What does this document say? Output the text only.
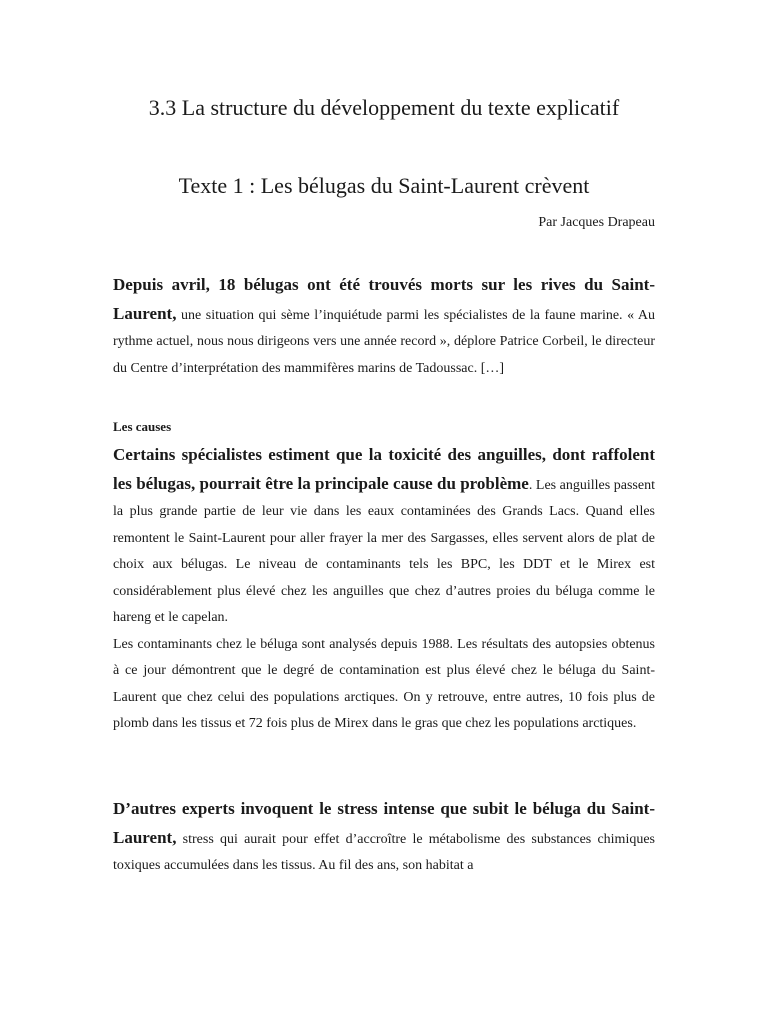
3.3 La structure du développement du texte explicatif
Texte 1 : Les bélugas du Saint-Laurent crèvent
Par Jacques Drapeau

Depuis avril, 18 bélugas ont été trouvés morts sur les rives du Saint-Laurent, une situation qui sème l’inquiétude parmi les spécialistes de la faune marine. « Au rythme actuel, nous nous dirigeons vers une année record », déplore Patrice Corbeil, le directeur du Centre d’interprétation des mammifères marins de Tadoussac. […]

Les causes

Certains spécialistes estiment que la toxicité des anguilles, dont raffolent les bélugas, pourrait être la principale cause du problème. Les anguilles passent la plus grande partie de leur vie dans les eaux contaminées des Grands Lacs. Quand elles remontent le Saint-Laurent pour aller frayer la mer des Sargasses, elles servent alors de plat de choix aux bélugas. Le niveau de contaminants tels les BPC, les DDT et le Mirex est considérablement plus élevé chez les anguilles que chez d’autres proies du béluga comme le hareng et le capelan.

Les contaminants chez le béluga sont analysés depuis 1988. Les résultats des autopsies obtenus à ce jour démontrent que le degré de contamination est plus élevé chez le béluga du Saint-Laurent que chez celui des populations arctiques. On y retrouve, entre autres, 10 fois plus de plomb dans les tissus et 72 fois plus de Mirex dans le gras que chez les populations arctiques.

D’autres experts invoquent le stress intense que subit le béluga du Saint-Laurent, stress qui aurait pour effet d’accroître le métabolisme des substances chimiques toxiques accumulées dans les tissus. Au fil des ans, son habitat a
